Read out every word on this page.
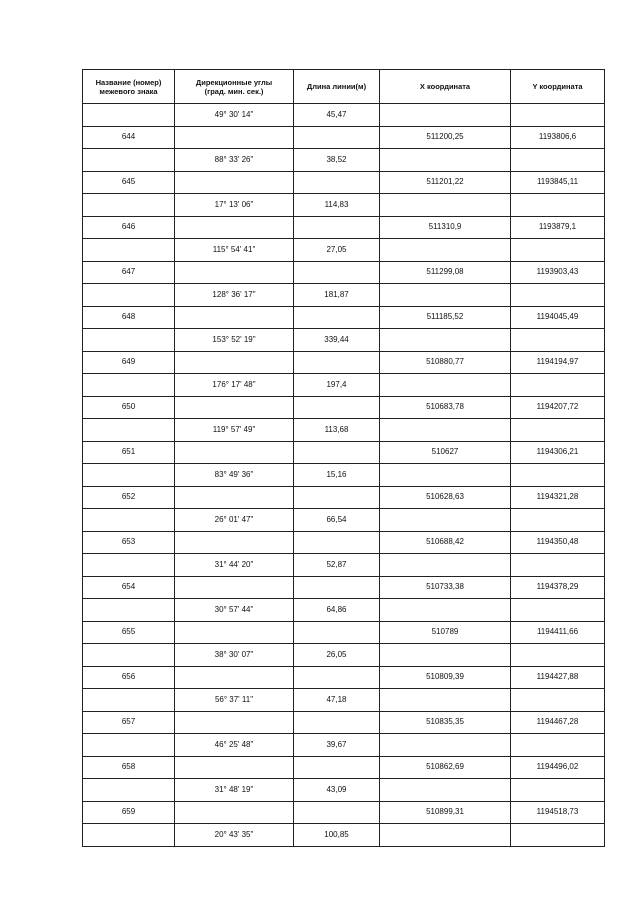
Название (номер)
межевого знака	Дирекционные углы
(град. мин. сек.)	Длина линии(м)	X координата	Y координата
	49° 30' 14"	45,47		
644			511200,25	1193806,6
	88° 33' 26"	38,52		
645			511201,22	1193845,11
	17° 13' 06"	114,83		
646			511310,9	1193879,1
	115° 54' 41"	27,05		
647			511299,08	1193903,43
	128° 36' 17"	181,87		
648			511185,52	1194045,49
	153° 52' 19"	339,44		
649			510880,77	1194194,97
	176° 17' 48"	197,4		
650			510683,78	1194207,72
	119° 57' 49"	113,68		
651			510627	1194306,21
	83° 49' 36"	15,16		
652			510628,63	1194321,28
	26° 01' 47"	66,54		
653			510688,42	1194350,48
	31° 44' 20"	52,87		
654			510733,38	1194378,29
	30° 57' 44"	64,86		
655			510789	1194411,66
	38° 30' 07"	26,05		
656			510809,39	1194427,88
	56° 37' 11"	47,18		
657			510835,35	1194467,28
	46° 25' 48"	39,67		
658			510862,69	1194496,02
	31° 48' 19"	43,09		
659			510899,31	1194518,73
	20° 43' 35"	100,85		
